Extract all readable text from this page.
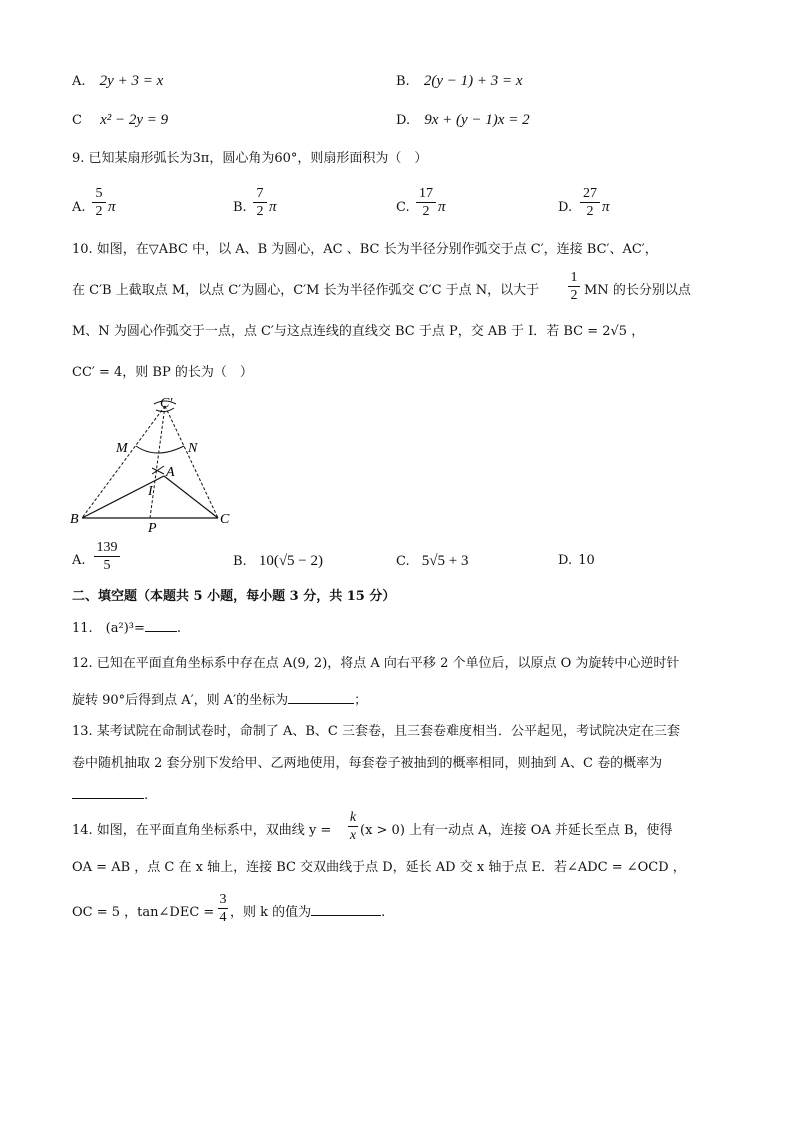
A. 2y + 3 = x	B. 2(y − 1) + 3 = x
C x² − 2y = 9	D. 9x + (y − 1)x = 2
9. 已知某扇形弧长为3π，圆心角为60°，则扇形面积为（　）
A.
5
2 π	B.
7
2 π	C.
17
2 π	D.
27
2 π
10. 如图，在▽ABC 中，以 A、B 为圆心，AC 、BC 长为半径分别作弧交于点 C′，连接 BC′、AC′，
在 C′B 上截取点 M，以点 C′为圆心，C′M 长为半径作弧交 C′C 于点 N，以大于
1
2 MN 的长分别以点
M、N 为圆心作弧交于一点，点 C′与这点连线的直线交 BC 于点 P，交 AB 于 I．若 BC = 2√5 ，
CC′ = 4，则 BP 的长为（　）
C′
M	N
A
I
B
P
C
A.
139
5	B. 10(√5 − 2)	C. 5√5 + 3	D. 10
二、填空题（本题共 5 小题，每小题 3 分，共 15 分）
11.　(a²)³= .
12. 已知在平面直角坐标系中存在点 A(9, 2)，将点 A 向右平移 2 个单位后，以原点 O 为旋转中心逆时针
旋转 90°后得到点 A′，则 A′的坐标为	；
13. 某考试院在命制试卷时，命制了 A、B、C 三套卷，且三套卷难度相当．公平起见，考试院决定在三套
卷中随机抽取 2 套分别下发给甲、乙两地使用，每套卷子被抽到的概率相同，则抽到 A、C 卷的概率为
.
14. 如图，在平面直角坐标系中，双曲线 y =
k
x (x > 0) 上有一动点 A，连接 OA 并延长至点 B，使得
OA = AB ，点 C 在 x 轴上，连接 BC 交双曲线于点 D，延长 AD 交 x 轴于点 E．若∠ADC = ∠OCD ，
OC = 5 ，tan∠DEC =
3
4 ，则 k 的值为	.
